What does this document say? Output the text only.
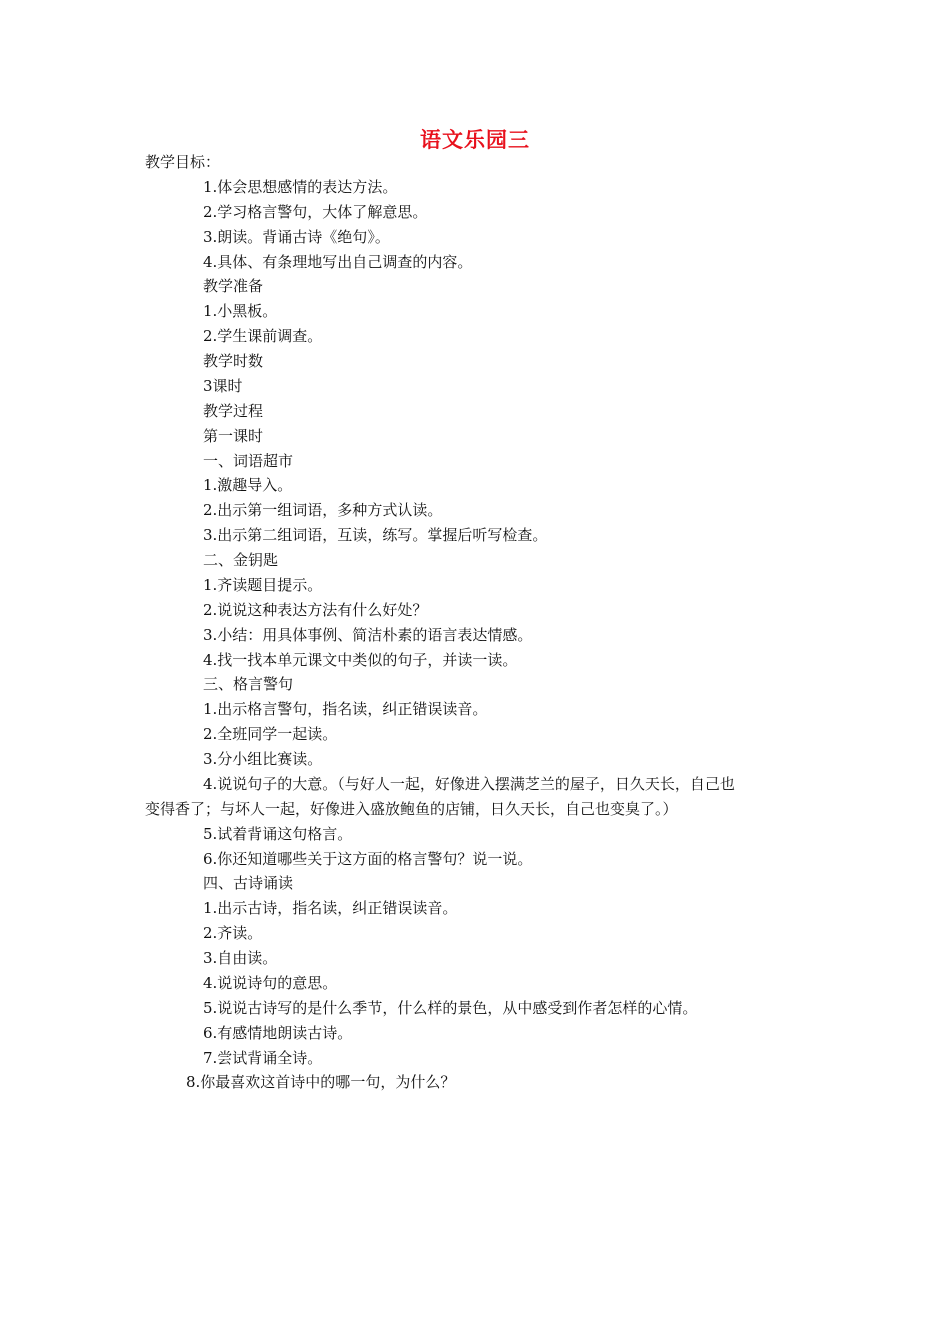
语文乐园三
教学目标：
1.体会思想感情的表达方法。
2.学习格言警句，大体了解意思。
3.朗读。背诵古诗《绝句》。
4.具体、有条理地写出自己调查的内容。
教学准备
1.小黑板。
2.学生课前调查。
教学时数
3课时
教学过程
第一课时
一、词语超市
1.激趣导入。
2.出示第一组词语，多种方式认读。
3.出示第二组词语，互读，练写。掌握后听写检查。
二、金钥匙
1.齐读题目提示。
2.说说这种表达方法有什么好处？
3.小结：用具体事例、简洁朴素的语言表达情感。
4.找一找本单元课文中类似的句子，并读一读。
三、格言警句
1.出示格言警句，指名读，纠正错误读音。
2.全班同学一起读。
3.分小组比赛读。
4.说说句子的大意。（与好人一起，好像进入摆满芝兰的屋子，日久天长，自己也
变得香了；与坏人一起，好像进入盛放鲍鱼的店铺，日久天长，自己也变臭了。）
5.试着背诵这句格言。
6.你还知道哪些关于这方面的格言警句？说一说。
四、古诗诵读
1.出示古诗，指名读，纠正错误读音。
2.齐读。
3.自由读。
4.说说诗句的意思。
5.说说古诗写的是什么季节，什么样的景色，从中感受到作者怎样的心情。
6.有感情地朗读古诗。
7.尝试背诵全诗。
8.你最喜欢这首诗中的哪一句，为什么？
